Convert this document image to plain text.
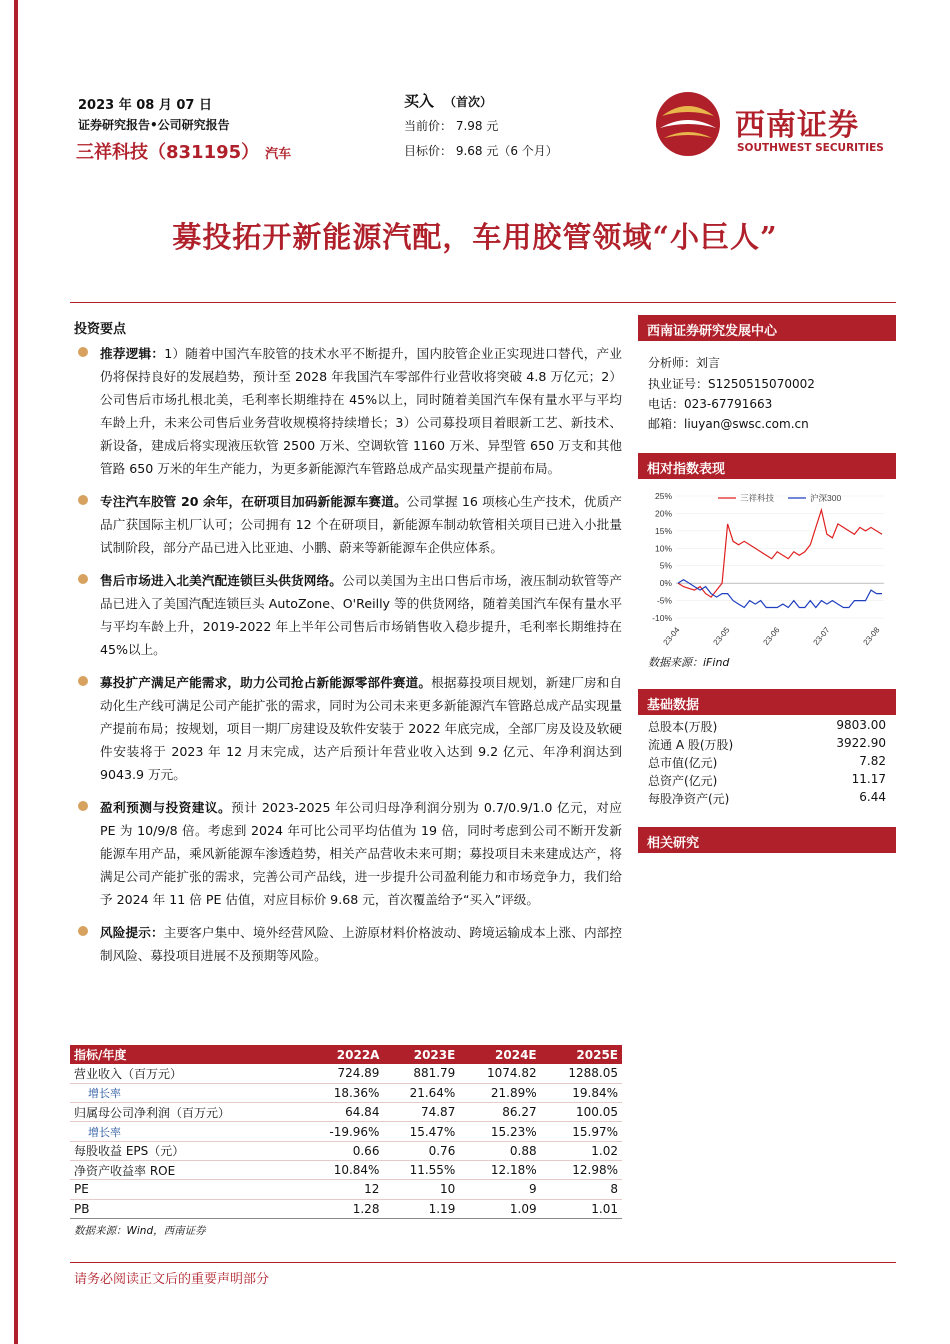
2023 年 08 月 07 日
证券研究报告•公司研究报告
三祥科技（831195） 汽车
买入 （首次）
当前价： 7.98 元
目标价： 9.68 元（6 个月）
西南证券
SOUTHWEST SECURITIES
募投拓开新能源汽配，车用胶管领域“小巨人”
投资要点
推荐逻辑：1）随着中国汽车胶管的技术水平不断提升，国内胶管企业正实现进口替代，产业仍将保持良好的发展趋势，预计至 2028 年我国汽车零部件行业营收将突破 4.8 万亿元；2）公司售后市场扎根北美，毛利率长期维持在 45%以上，同时随着美国汽车保有量水平与平均车龄上升，未来公司售后业务营收规模将持续增长；3）公司募投项目着眼新工艺、新技术、新设备，建成后将实现液压软管 2500 万米、空调软管 1160 万米、异型管 650 万支和其他管路 650 万米的年生产能力，为更多新能源汽车管路总成产品实现量产提前布局。
专注汽车胶管 20 余年，在研项目加码新能源车赛道。公司掌握 16 项核心生产技术，优质产品广获国际主机厂认可；公司拥有 12 个在研项目，新能源车制动软管相关项目已进入小批量试制阶段，部分产品已进入比亚迪、小鹏、蔚来等新能源车企供应体系。
售后市场进入北美汽配连锁巨头供货网络。公司以美国为主出口售后市场，液压制动软管等产品已进入了美国汽配连锁巨头 AutoZone、O'Reilly 等的供货网络，随着美国汽车保有量水平与平均车龄上升，2019-2022 年上半年公司售后市场销售收入稳步提升，毛利率长期维持在 45%以上。
募投扩产满足产能需求，助力公司抢占新能源零部件赛道。根据募投项目规划，新建厂房和自动化生产线可满足公司产能扩张的需求，同时为公司未来更多新能源汽车管路总成产品实现量产提前布局；按规划，项目一期厂房建设及软件安装于 2022 年底完成，全部厂房及设及软硬件安装将于 2023 年 12 月末完成，达产后预计年营业收入达到 9.2 亿元、年净利润达到 9043.9 万元。
盈利预测与投资建议。预计 2023-2025 年公司归母净利润分别为 0.7/0.9/1.0 亿元，对应 PE 为 10/9/8 倍。考虑到 2024 年可比公司平均估值为 19 倍，同时考虑到公司不断开发新能源车用产品，乘风新能源车渗透趋势，相关产品营收未来可期；募投项目未来建成达产，将满足公司产能扩张的需求，完善公司产品线，进一步提升公司盈利能力和市场竞争力，我们给予 2024 年 11 倍 PE 估值，对应目标价 9.68 元，首次覆盖给予“买入”评级。
风险提示：主要客户集中、境外经营风险、上游原材料价格波动、跨境运输成本上涨、内部控制风险、募投项目进展不及预期等风险。
西南证券研究发展中心
分析师：刘言
执业证号：S1250515070002
电话：023-67791663
邮箱：liuyan@swsc.com.cn
相对指数表现
25%
20%
15%
10%
5%
0%
-5%
-10%
23-04	23-05	23-06	23-07	23-08
三祥科技	沪深300
数据来源：iFind
基础数据
总股本(万股)	9803.00
流通 A 股(万股)	3922.90
总市值(亿元)	7.82
总资产(亿元)	11.17
每股净资产(元)	6.44
相关研究
指标/年度	2022A	2023E	2024E	2025E
营业收入（百万元）	724.89	881.79	1074.82	1288.05
增长率	18.36%	21.64%	21.89%	19.84%
归属母公司净利润（百万元）	64.84	74.87	86.27	100.05
增长率	-19.96%	15.47%	15.23%	15.97%
每股收益 EPS（元）	0.66	0.76	0.88	1.02
净资产收益率 ROE	10.84%	11.55%	12.18%	12.98%
PE	12	10	9	8
PB	1.28	1.19	1.09	1.01
数据来源：Wind，西南证券
请务必阅读正文后的重要声明部分
